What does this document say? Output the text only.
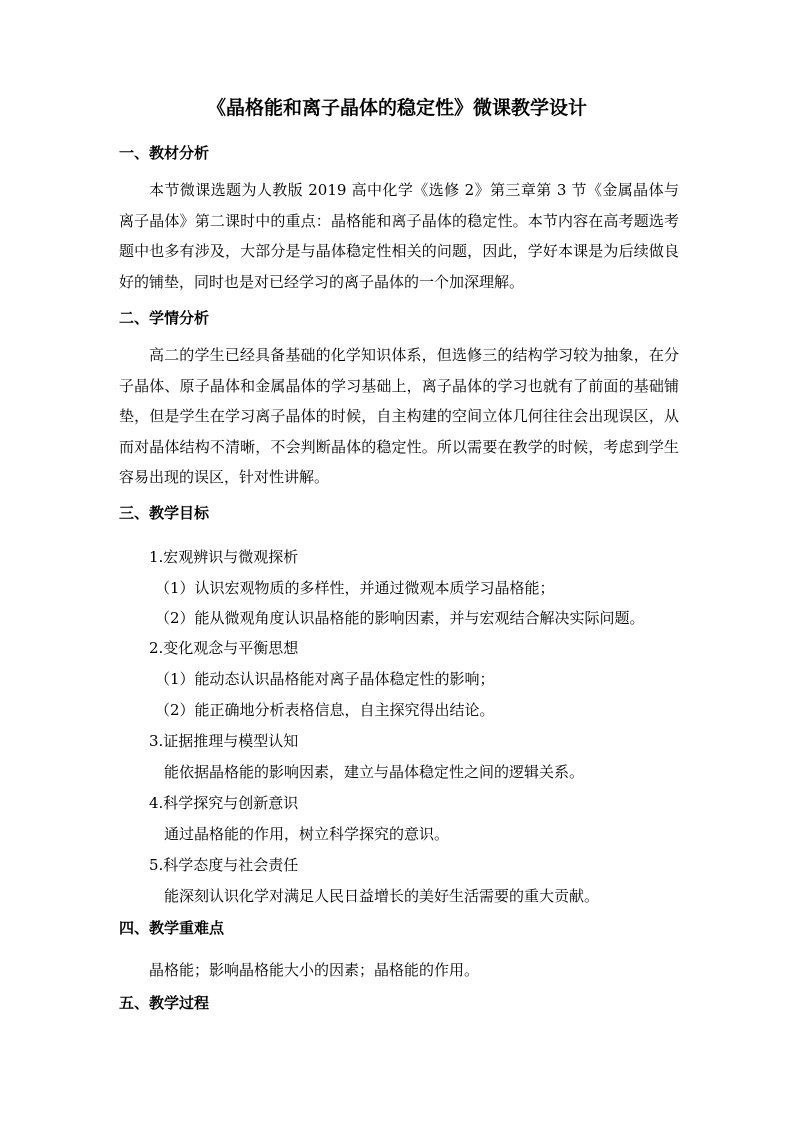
《晶格能和离子晶体的稳定性》微课教学设计
一、教材分析

本节微课选题为人教版 2019 高中化学《选修 2》第三章第 3 节《金属晶体与离子晶体》第二课时中的重点：晶格能和离子晶体的稳定性。本节内容在高考题选考题中也多有涉及，大部分是与晶体稳定性相关的问题，因此，学好本课是为后续做良好的铺垫，同时也是对已经学习的离子晶体的一个加深理解。

二、学情分析

高二的学生已经具备基础的化学知识体系，但选修三的结构学习较为抽象，在分子晶体、原子晶体和金属晶体的学习基础上，离子晶体的学习也就有了前面的基础铺垫，但是学生在学习离子晶体的时候，自主构建的空间立体几何往往会出现误区，从而对晶体结构不清晰，不会判断晶体的稳定性。所以需要在教学的时候，考虑到学生容易出现的误区，针对性讲解。

三、教学目标
1.宏观辨识与微观探析
（1）认识宏观物质的多样性，并通过微观本质学习晶格能；
（2）能从微观角度认识晶格能的影响因素，并与宏观结合解决实际问题。
2.变化观念与平衡思想
（1）能动态认识晶格能对离子晶体稳定性的影响；
（2）能正确地分析表格信息，自主探究得出结论。
3.证据推理与模型认知
能依据晶格能的影响因素，建立与晶体稳定性之间的逻辑关系。
4.科学探究与创新意识
通过晶格能的作用，树立科学探究的意识。
5.科学态度与社会责任
能深刻认识化学对满足人民日益增长的美好生活需要的重大贡献。
四、教学重难点
晶格能；影响晶格能大小的因素；晶格能的作用。
五、教学过程
